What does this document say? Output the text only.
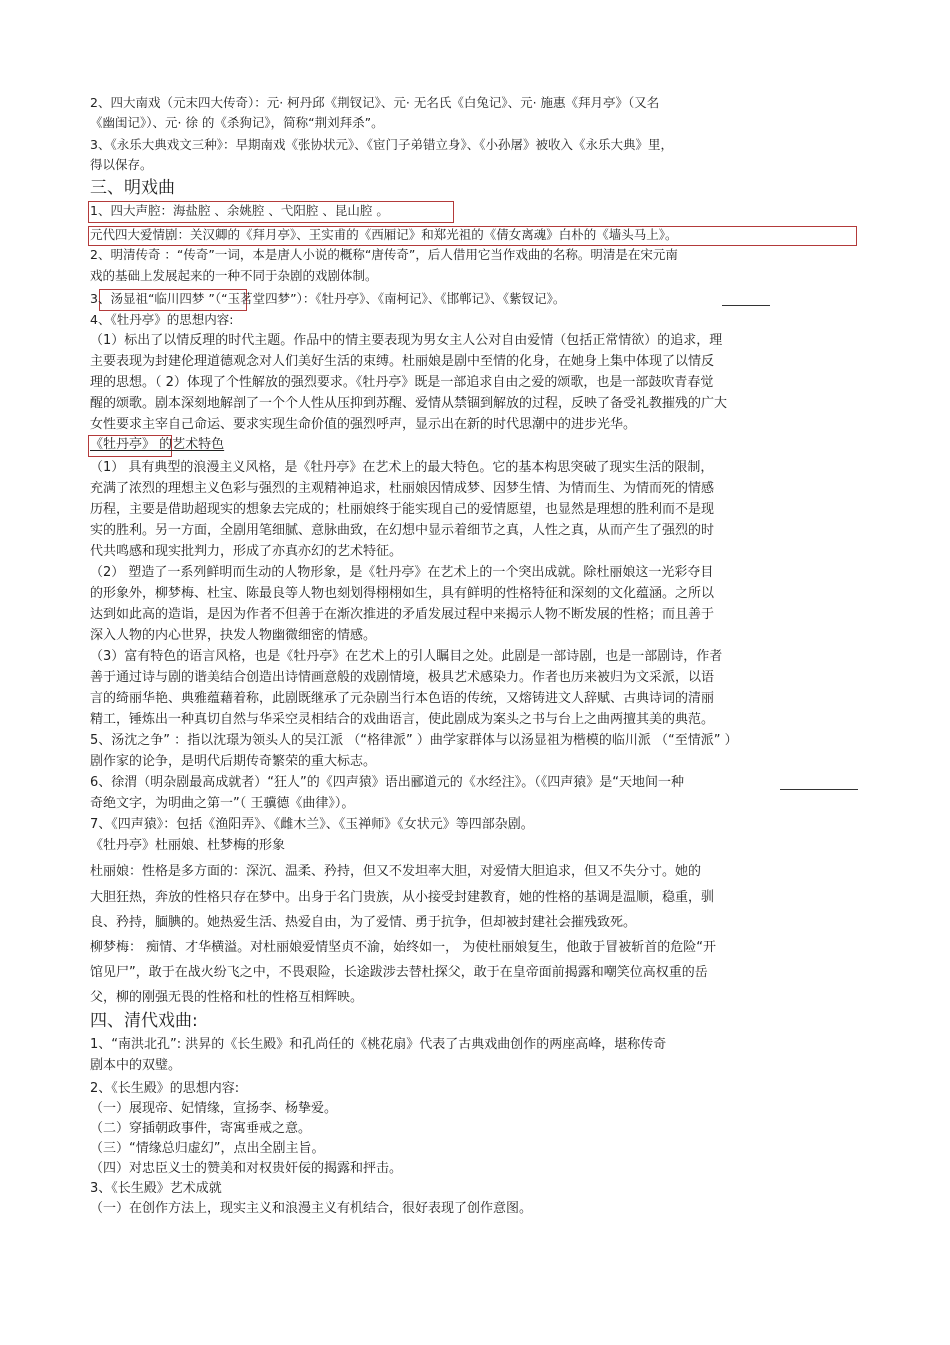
2、四大南戏（元末四大传奇）：元· 柯丹邱《荆钗记》、元· 无名氏《白兔记》、元· 施惠《拜月亭》（又名
《幽闺记》）、元· 徐 的《杀狗记》，简称“荆刘拜杀”。
3、《永乐大典戏文三种》：早期南戏《张协状元》、《宦门子弟错立身》、《小孙屠》被收入《永乐大典》里，
得以保存。
三、明戏曲
1、四大声腔：海盐腔 、余姚腔 、弋阳腔 、昆山腔 。
元代四大爱情剧：关汉卿的《拜月亭》、王实甫的《西厢记》和郑光祖的《倩女离魂》白朴的《墙头马上》。
2、明清传奇 ：“传奇”一词，本是唐人小说的概称“唐传奇”，后人借用它当作戏曲的名称。明清是在宋元南
戏的基础上发展起来的一种不同于杂剧的戏剧体制。
3、汤显祖“临川四梦 ”（“玉茗堂四梦”）：《牡丹亭》、《南柯记》、《邯郸记》、《紫钗记》。
4、《牡丹亭》的思想内容:
（1）标出了以情反理的时代主题。作品中的情主要表现为男女主人公对自由爱情（包括正常情欲）的追求，理
主要表现为封建伦理道德观念对人们美好生活的束缚。杜丽娘是剧中至情的化身，在她身上集中体现了以情反
理的思想。（ 2）体现了个性解放的强烈要求。《牡丹亭》既是一部追求自由之爱的颂歌，也是一部鼓吹青春觉
醒的颂歌。剧本深刻地解剖了一个个人性从压抑到苏醒、爱情从禁锢到解放的过程，反映了备受礼教摧残的广大
女性要求主宰自己命运、要求实现生命价值的强烈呼声，显示出在新的时代思潮中的进步光华。
《牡丹亭》 的艺术特色
（1） 具有典型的浪漫主义风格，是《牡丹亭》在艺术上的最大特色。它的基本构思突破了现实生活的限制，
充满了浓烈的理想主义色彩与强烈的主观精神追求，杜丽娘因情成梦、因梦生情、为情而生、为情而死的情感
历程，主要是借助超现实的想象去完成的；杜丽娘终于能实现自己的爱情愿望，也显然是理想的胜利而不是现
实的胜利。另一方面，全剧用笔细腻、意脉曲致，在幻想中显示着细节之真，人性之真，从而产生了强烈的时
代共鸣感和现实批判力，形成了亦真亦幻的艺术特征。
（2） 塑造了一系列鲜明而生动的人物形象，是《牡丹亭》在艺术上的一个突出成就。除杜丽娘这一光彩夺目
的形象外，柳梦梅、杜宝、陈最良等人物也刻划得栩栩如生，具有鲜明的性格特征和深刻的文化蕴涵。之所以
达到如此高的造诣，是因为作者不但善于在渐次推进的矛盾发展过程中来揭示人物不断发展的性格；而且善于
深入人物的内心世界，抉发人物幽微细密的情感。
（3）富有特色的语言风格，也是《牡丹亭》在艺术上的引人瞩目之处。此剧是一部诗剧，也是一部剧诗，作者
善于通过诗与剧的谐美结合创造出诗情画意般的戏剧情境，极具艺术感染力。作者也历来被归为文采派，以语
言的绮丽华艳、典雅蕴藉着称，此剧既继承了元杂剧当行本色语的传统，又熔铸进文人辞赋、古典诗词的清丽
精工，锤炼出一种真切自然与华采空灵相结合的戏曲语言，使此剧成为案头之书与台上之曲两擅其美的典范。
5、汤沈之争” ：指以沈璟为领头人的吴江派 （“格律派” ）曲学家群体与以汤显祖为楷模的临川派 （“至情派” ）
剧作家的论争，是明代后期传奇繁荣的重大标志。
6、徐渭（明杂剧最高成就者）“狂人”的《四声猿》语出郦道元的《水经注》。（《四声猿》是“天地间一种
奇绝文字，为明曲之第一”（ 王骥德《曲律》）。
7、《四声猿》：包括《渔阳弄》、《雌木兰》、《玉禅师》《女状元》等四部杂剧。
《牡丹亭》杜丽娘、杜梦梅的形象
杜丽娘：性格是多方面的：深沉、温柔、矜持，但又不发坦率大胆，对爱情大胆追求，但又不失分寸。她的
大胆狂热，奔放的性格只存在梦中。出身于名门贵族，从小接受封建教育，她的性格的基调是温顺，稳重，驯
良、矜持，腼腆的。她热爱生活、热爱自由，为了爱情、勇于抗争，但却被封建社会摧残致死。
柳梦梅： 痴情、才华横溢。对杜丽娘爱情坚贞不渝，始终如一， 为使杜丽娘复生，他敢于冒被斩首的危险“开
馆见尸”，敢于在战火纷飞之中，不畏艰险，长途跋涉去替杜探父，敢于在皇帝面前揭露和嘲笑位高权重的岳
父，柳的刚强无畏的性格和杜的性格互相辉映。
四、清代戏曲:
1、“南洪北孔”: 洪昇的《长生殿》和孔尚任的《桃花扇》代表了古典戏曲创作的两座高峰，堪称传奇
剧本中的双璧。
2、《长生殿》的思想内容:
（一）展现帝、妃情缘，宣扬李、杨挚爱。
（二）穿插朝政事件，寄寓垂戒之意。
（三）“情缘总归虚幻”，点出全剧主旨。
（四）对忠臣义士的赞美和对权贵奸佞的揭露和抨击。
3、《长生殿》艺术成就
（一）在创作方法上，现实主义和浪漫主义有机结合，很好表现了创作意图。
